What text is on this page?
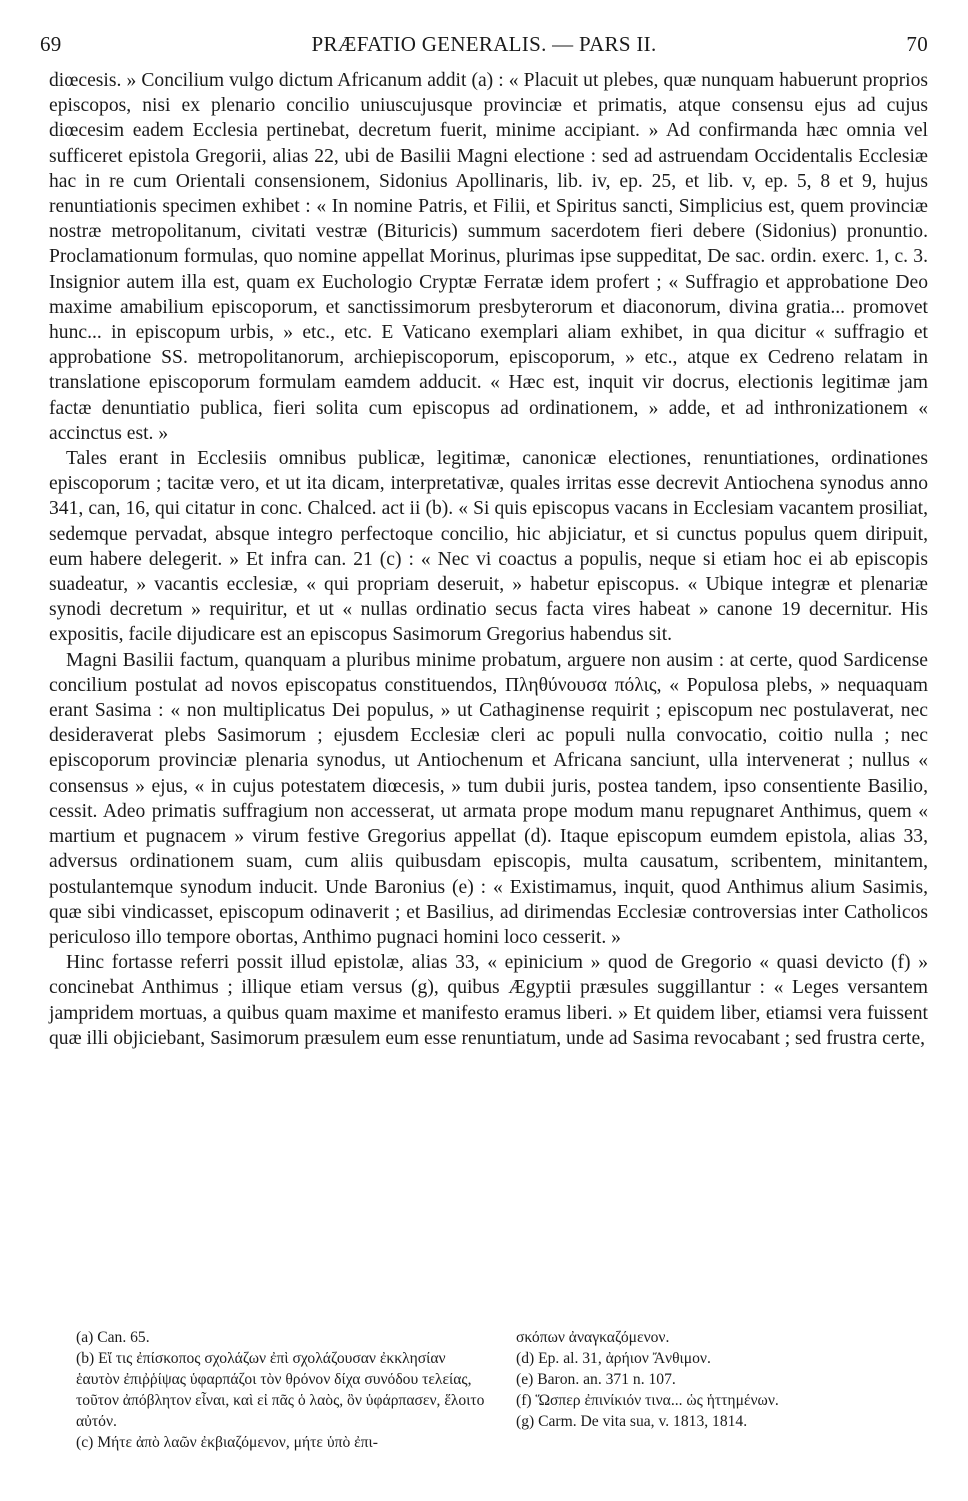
69	PRÆFATIO GENERALIS. — PARS II.	70

diœcesis. » Concilium vulgo dictum Africanum addit (a) : « Placuit ut plebes, quæ nunquam habuerunt proprios episcopos, nisi ex plenario concilio uniuscujusque provinciæ et primatis, atque consensu ejus ad cujus diœcesim eadem Ecclesia pertinebat, decretum fuerit, minime accipiant. » Ad confirmanda hæc omnia vel sufficeret epistola Gregorii, alias 22, ubi de Basilii Magni electione : sed ad astruendam Occidentalis Ecclesiæ hac in re cum Orientali consensionem, Sidonius Apollinaris, lib. iv, ep. 25, et lib. v, ep. 5, 8 et 9, hujus renuntiationis specimen exhibet : « In nomine Patris, et Filii, et Spiritus sancti, Simplicius est, quem provinciæ nostræ metropolitanum, civitati vestræ (Bituricis) summum sacerdotem fieri debere (Sidonius) pronuntio. Proclamationum formulas, quo nomine appellat Morinus, plurimas ipse suppeditat, De sac. ordin. exerc. 1, c. 3. Insignior autem illa est, quam ex Euchologio Cryptæ Ferratæ idem profert ; « Suffragio et approbatione Deo maxime amabilium episcoporum, et sanctissimorum presbyterorum et diaconorum, divina gratia... promovet hunc... in episcopum urbis, » etc., etc. E Vaticano exemplari aliam exhibet, in qua dicitur « suffragio et approbatione SS. metropolitanorum, archiepiscoporum, episcoporum, » etc., atque ex Cedreno relatam in translatione episcoporum formulam eamdem adducit. « Hæc est, inquit vir docrus, electionis legitimæ jam factæ denuntiatio publica, fieri solita cum episcopus ad ordinationem, » adde, et ad inthronizationem « accinctus est. »

Tales erant in Ecclesiis omnibus publicæ, legitimæ, canonicæ electiones, renuntiationes, ordinationes episcoporum ; tacitæ vero, et ut ita dicam, interpretativæ, quales irritas esse decrevit Antiochena synodus anno 341, can, 16, qui citatur in conc. Chalced. act ii (b). « Si quis episcopus vacans in Ecclesiam vacantem prosiliat, sedemque pervadat, absque integro perfectoque concilio, hic abjiciatur, et si cunctus populus quem diripuit, eum habere delegerit. » Et infra can. 21 (c) : « Nec vi coactus a populis, neque si etiam hoc ei ab episcopis suadeatur, » vacantis ecclesiæ, « qui propriam deseruit, » habetur episcopus. « Ubique integræ et plenariæ synodi decretum » requiritur, et ut « nullas ordinatio secus facta vires habeat » canone 19 decernitur. His expositis, facile dijudicare est an episcopus Sasimorum Gregorius habendus sit.

Magni Basilii factum, quanquam a pluribus minime probatum, arguere non ausim : at certe, quod Sardicense concilium postulat ad novos episcopatus constituendos, Πληθύνουσα πόλις, « Populosa plebs, » nequaquam erant Sasima : « non multiplicatus Dei populus, » ut Cathaginense requirit ; episcopum nec postulaverat, nec desideraverat plebs Sasimorum ; ejusdem Ecclesiæ cleri ac populi nulla convocatio, coitio nulla ; nec episcoporum provinciæ plenaria synodus, ut Antiochenum et Africana sanciunt, ulla intervenerat ; nullus « consensus » ejus, « in cujus potestatem diœcesis, » tum dubii juris, postea tandem, ipso consentiente Basilio, cessit. Adeo primatis suffragium non accesserat, ut armata prope modum manu repugnaret Anthimus, quem « martium et pugnacem » virum festive Gregorius appellat (d). Itaque episcopum eumdem epistola, alias 33, adversus ordinationem suam, cum aliis quibusdam episcopis, multa causatum, scribentem, minitantem, postulantemque synodum inducit. Unde Baronius (e) : « Existimamus, inquit, quod Anthimus alium Sasimis, quæ sibi vindicasset, episcopum odinaverit ; et Basilius, ad dirimendas Ecclesiæ controversias inter Catholicos periculoso illo tempore obortas, Anthimo pugnaci homini loco cesserit. »

Hinc fortasse referri possit illud epistolæ, alias 33, « epinicium » quod de Gregorio « quasi devicto (f) » concinebat Anthimus ; illique etiam versus (g), quibus Ægyptii præsules suggillantur : « Leges versantem jampridem mortuas, a quibus quam maxime et manifesto eramus liberi. » Et quidem liber, etiamsi vera fuissent quæ illi objiciebant, Sasimorum præsulem eum esse renuntiatum, unde ad Sasima revocabant ; sed frustra certe,

(a) Can. 65.

(b) Εἴ τις ἐπίσκοπος σχολάζων ἐπὶ σχολάζουσαν ἐκκλησίαν ἑαυτὸν ἐπιῤῥίψας ὑφαρπάζοι τὸν θρόνον δίχα συνόδου τελείας, τοῦτον ἀπόβλητον εἶναι, καὶ εἰ πᾶς ὁ λαὸς, ὃν ὑφάρπασεν, ἕλοιτο αὐτόν.

(c) Μήτε ἀπὸ λαῶν ἐκβιαζόμενον, μήτε ὑπὸ ἐπι-

σκόπων ἀναγκαζόμενον.

(d) Ep. al. 31, ἀρήιον Ἄνθιμον.

(e) Baron. an. 371 n. 107.

(f) Ὥσπερ ἐπινίκιόν τινα... ὡς ἡττημένων.

(g) Carm. De vita sua, v. 1813, 1814.
